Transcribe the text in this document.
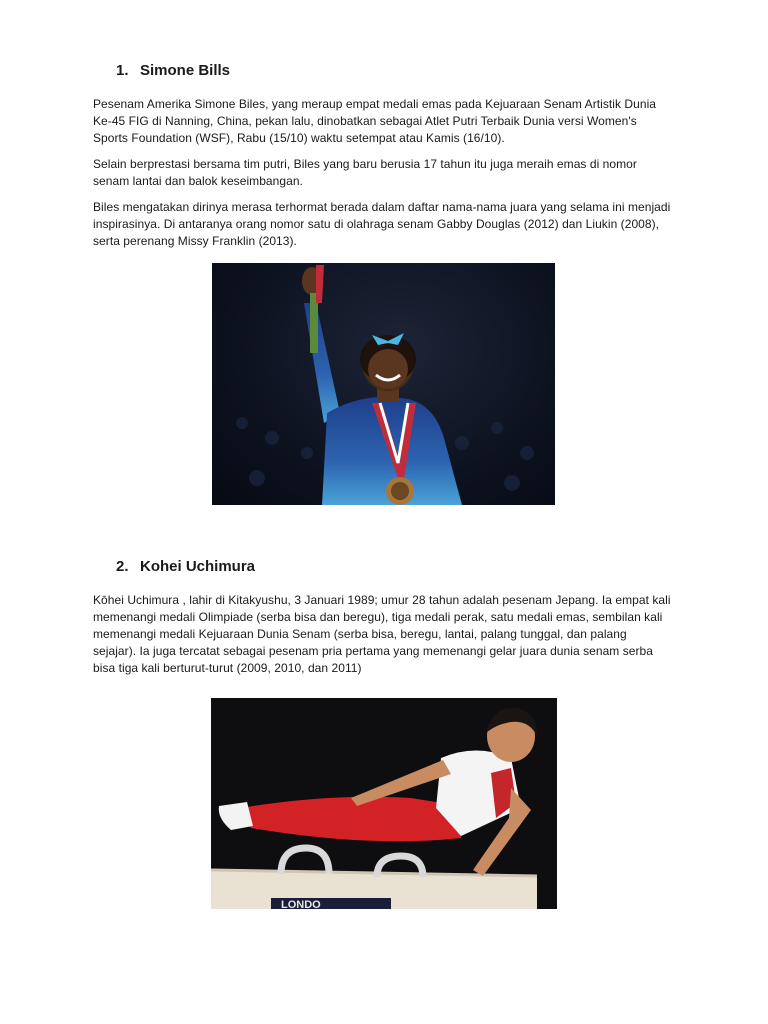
1. Simone Bills

Pesenam Amerika Simone Biles, yang meraup empat medali emas pada Kejuaraan Senam Artistik Dunia Ke-45 FIG di Nanning, China, pekan lalu, dinobatkan sebagai Atlet Putri Terbaik Dunia versi Women's Sports Foundation (WSF), Rabu (15/10) waktu setempat atau Kamis (16/10).

Selain berprestasi bersama tim putri, Biles yang baru berusia 17 tahun itu juga meraih emas di nomor senam lantai dan balok keseimbangan.

Biles mengatakan dirinya merasa terhormat berada dalam daftar nama-nama juara yang selama ini menjadi inspirasinya. Di antaranya orang nomor satu di olahraga senam Gabby Douglas (2012) dan Liukin (2008), serta perenang Missy Franklin (2013).

2. Kohei Uchimura

Kōhei Uchimura , lahir di Kitakyushu, 3 Januari 1989; umur 28 tahun adalah pesenam Jepang. Ia empat kali memenangi medali Olimpiade (serba bisa dan beregu), tiga medali perak, satu medali emas, sembilan kali memenangi medali Kejuaraan Dunia Senam (serba bisa, beregu, lantai, palang tunggal, dan palang sejajar). Ia juga tercatat sebagai pesenam pria pertama yang memenangi gelar juara dunia senam serba bisa tiga kali berturut-turut (2009, 2010, dan 2011)

LONDO
